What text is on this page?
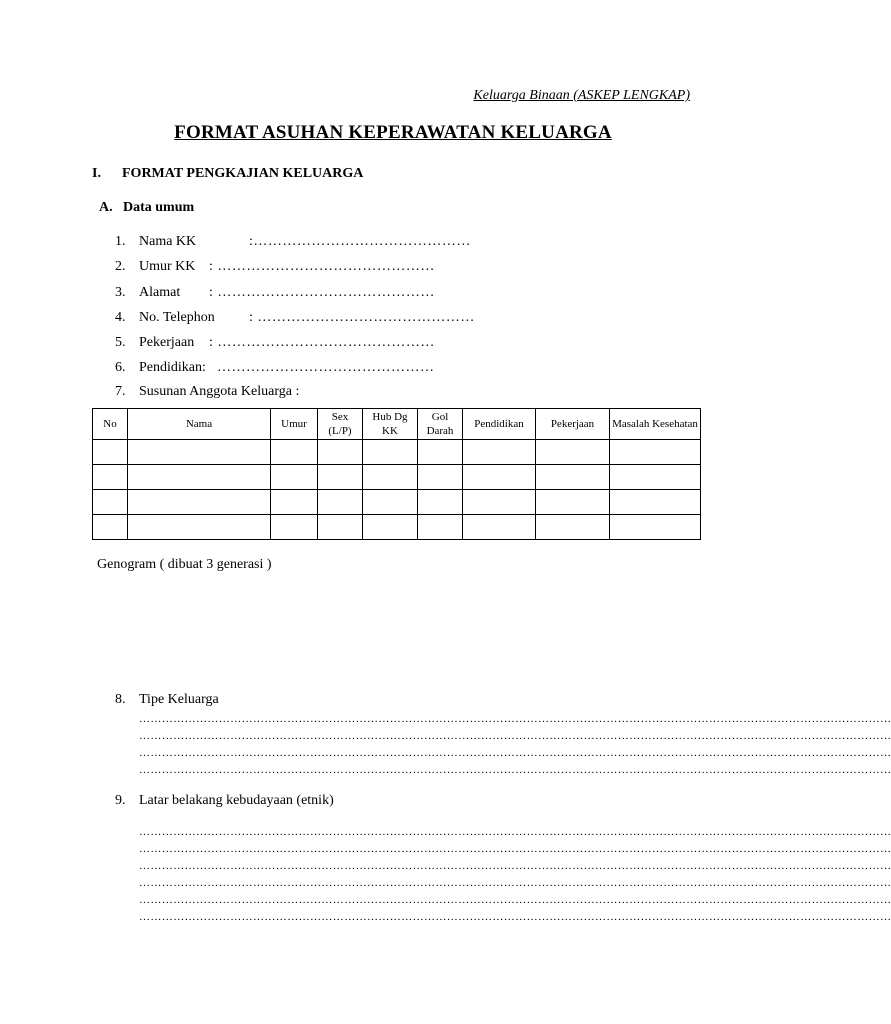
Keluarga Binaan (ASKEP LENGKAP)
FORMAT ASUHAN KEPERAWATAN KELUARGA
I. FORMAT PENGKAJIAN KELUARGA
A. Data umum
1. Nama KK	:………………………………………
2. Umur KK : ………………………………………
3. Alamat : ………………………………………
4. No. Telephon : ………………………………………
5. Pekerjaan : ………………………………………
6. Pendidikan: ………………………………………
7. Susunan Anggota Keluarga :
No	Nama	Umur	Sex (L/P)	Hub Dg KK	Gol Darah	Pendidikan	Pekerjaan	Masalah Kesehatan

Genogram ( dibuat 3 generasi )
8. Tipe Keluarga
………………………………………………………………………………………………………………………………………………………………………………
………………………………………………………………………………………………………………………………………………………………………………
………………………………………………………………………………………………………………………………………………………………………………
………………………………………………………………………………………………………………………………………………………………………………
9. Latar belakang kebudayaan (etnik)
………………………………………………………………………………………………………………………………………………………………………………
………………………………………………………………………………………………………………………………………………………………………………
………………………………………………………………………………………………………………………………………………………………………………
………………………………………………………………………………………………………………………………………………………………………………
………………………………………………………………………………………………………………………………………………………………………………
………………………………………………………………………………………………………………………………………………………………………………
